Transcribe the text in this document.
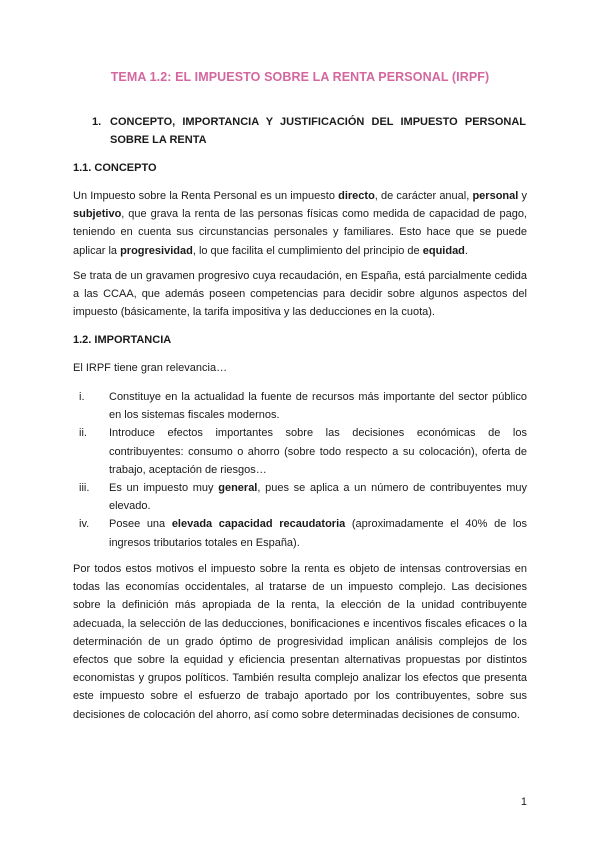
TEMA 1.2: EL IMPUESTO SOBRE LA RENTA PERSONAL (IRPF)
1. CONCEPTO, IMPORTANCIA Y JUSTIFICACIÓN DEL IMPUESTO PERSONAL SOBRE LA RENTA
1.1. CONCEPTO
Un Impuesto sobre la Renta Personal es un impuesto directo, de carácter anual, personal y subjetivo, que grava la renta de las personas físicas como medida de capacidad de pago, teniendo en cuenta sus circunstancias personales y familiares. Esto hace que se puede aplicar la progresividad, lo que facilita el cumplimiento del principio de equidad.
Se trata de un gravamen progresivo cuya recaudación, en España, está parcialmente cedida a las CCAA, que además poseen competencias para decidir sobre algunos aspectos del impuesto (básicamente, la tarifa impositiva y las deducciones en la cuota).
1.2. IMPORTANCIA
El IRPF tiene gran relevancia…
i. Constituye en la actualidad la fuente de recursos más importante del sector público en los sistemas fiscales modernos.
ii. Introduce efectos importantes sobre las decisiones económicas de los contribuyentes: consumo o ahorro (sobre todo respecto a su colocación), oferta de trabajo, aceptación de riesgos…
iii. Es un impuesto muy general, pues se aplica a un número de contribuyentes muy elevado.
iv. Posee una elevada capacidad recaudatoria (aproximadamente el 40% de los ingresos tributarios totales en España).
Por todos estos motivos el impuesto sobre la renta es objeto de intensas controversias en todas las economías occidentales, al tratarse de un impuesto complejo. Las decisiones sobre la definición más apropiada de la renta, la elección de la unidad contribuyente adecuada, la selección de las deducciones, bonificaciones e incentivos fiscales eficaces o la determinación de un grado óptimo de progresividad implican análisis complejos de los efectos que sobre la equidad y eficiencia presentan alternativas propuestas por distintos economistas y grupos políticos. También resulta complejo analizar los efectos que presenta este impuesto sobre el esfuerzo de trabajo aportado por los contribuyentes, sobre sus decisiones de colocación del ahorro, así como sobre determinadas decisiones de consumo.
1
